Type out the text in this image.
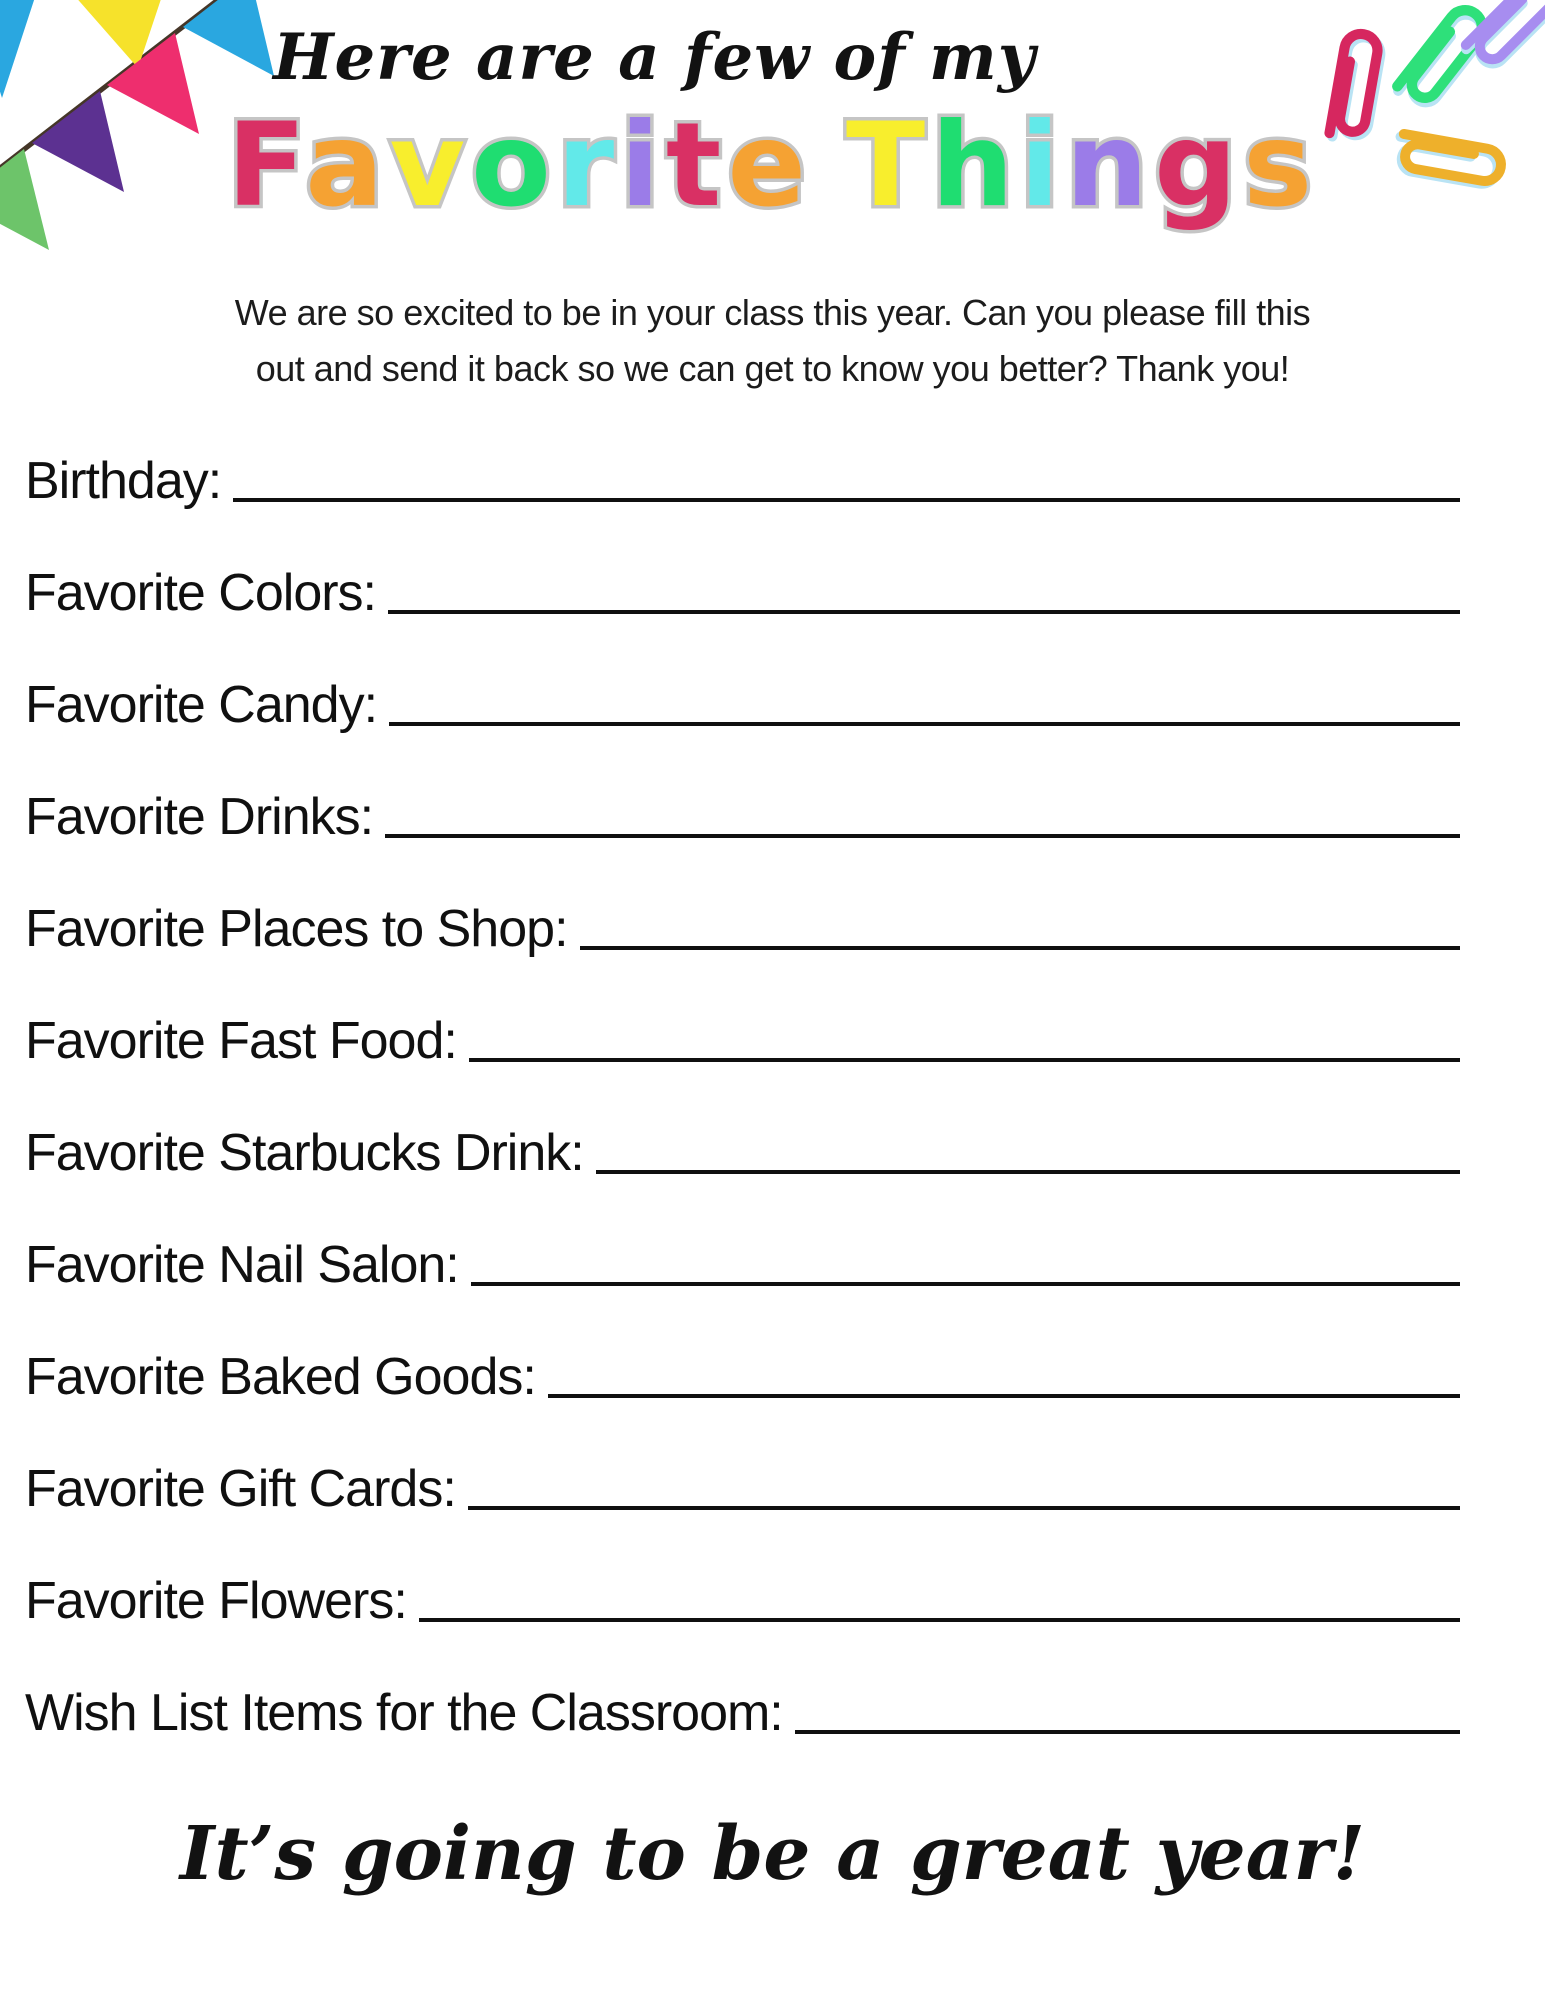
Here are a few of my
Favorite Things
We are so excited to be in your class this year. Can you please fill this
out and send it back so we can get to know you better? Thank you!
Birthday:
Favorite Colors:
Favorite Candy:
Favorite Drinks:
Favorite Places to Shop:
Favorite Fast Food:
Favorite Starbucks Drink:
Favorite Nail Salon:
Favorite Baked Goods:
Favorite Gift Cards:
Favorite Flowers:
Wish List Items for the Classroom:
It’s going to be a great year!
